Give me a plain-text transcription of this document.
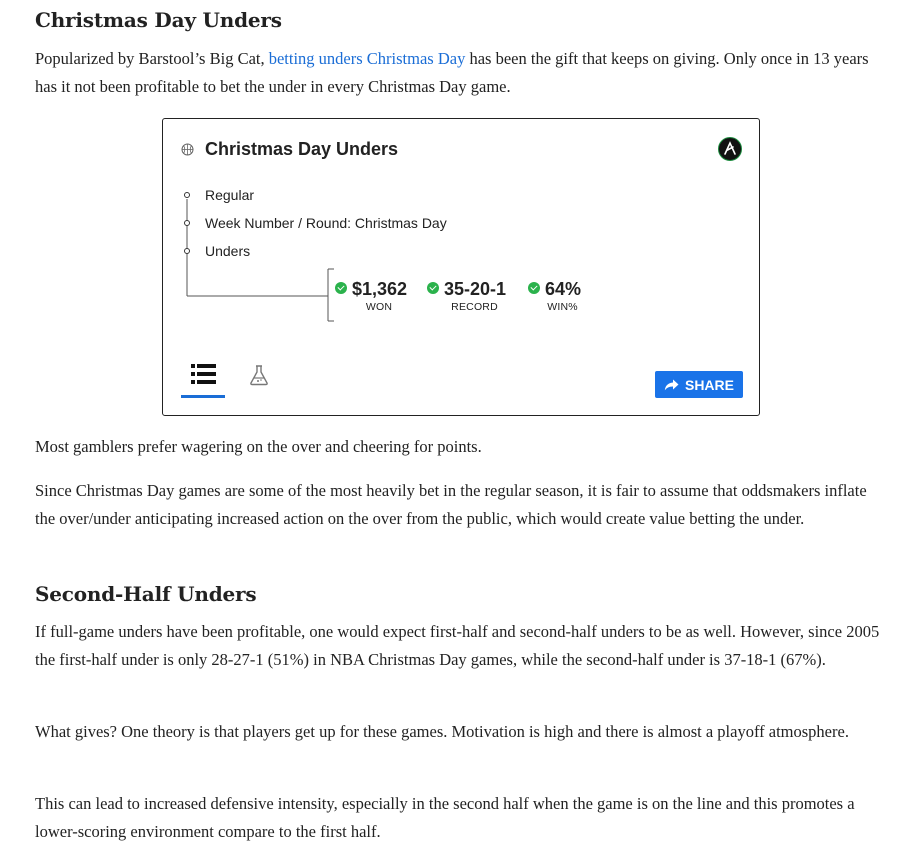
Christmas Day Unders

Popularized by Barstool’s Big Cat, betting unders Christmas Day has been the gift that keeps on giving. Only once in 13 years has it not been profitable to bet the under in every Christmas Day game.

Christmas Day Unders
Regular
Week Number / Round: Christmas Day
Unders
$1,362
WON
35-20-1
RECORD
64%
WIN%
SHARE

Most gamblers prefer wagering on the over and cheering for points.

Since Christmas Day games are some of the most heavily bet in the regular season, it is fair to assume that oddsmakers inflate the over/under anticipating increased action on the over from the public, which would create value betting the under.

Second-Half Unders

If full-game unders have been profitable, one would expect first-half and second-half unders to be as well. However, since 2005 the first-half under is only 28-27-1 (51%) in NBA Christmas Day games, while the second-half under is 37-18-1 (67%).

What gives? One theory is that players get up for these games. Motivation is high and there is almost a playoff atmosphere.

This can lead to increased defensive intensity, especially in the second half when the game is on the line and this promotes a lower-scoring environment compare to the first half.
